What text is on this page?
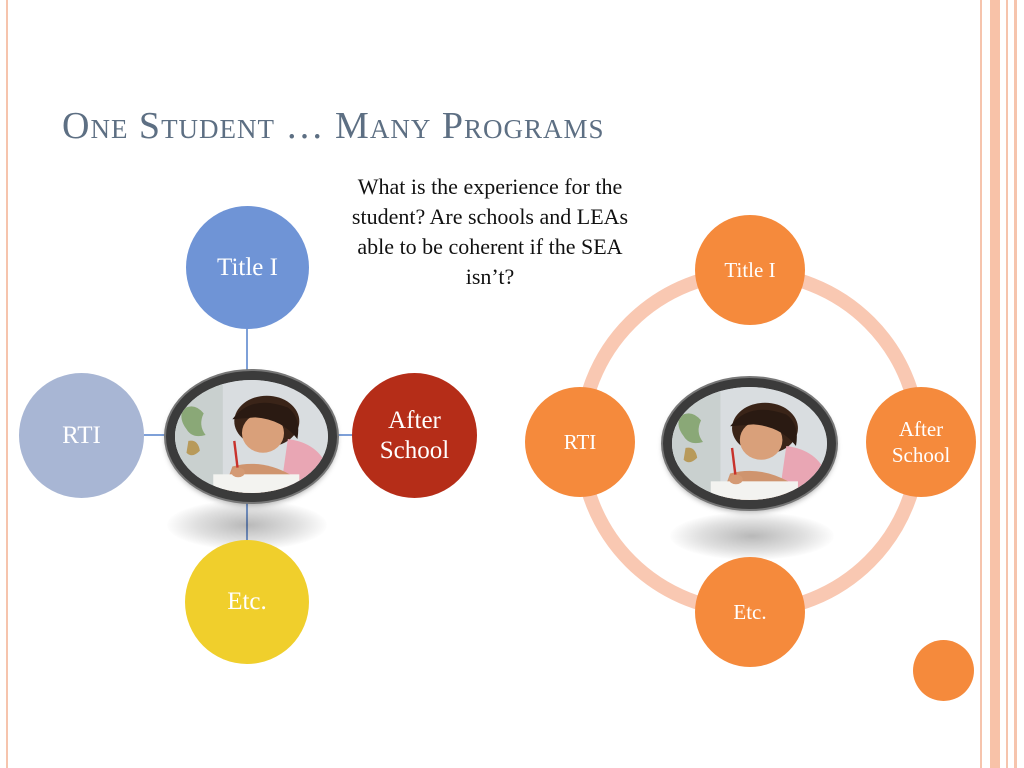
One Student … Many Programs
What is the experience for the student? Are schools and LEAs able to be coherent if the SEA isn’t?
Title I
RTI
After
School
Etc.
Title I
RTI
After
School
Etc.
